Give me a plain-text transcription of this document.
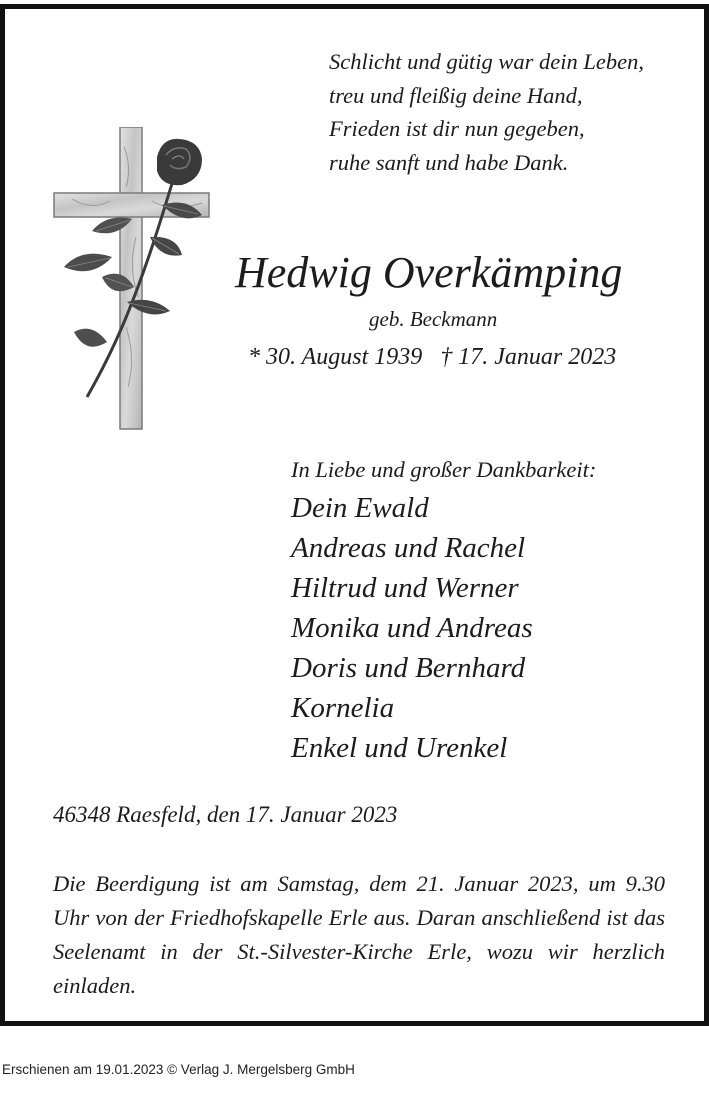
Schlicht und gütig war dein Leben,
treu und fleißig deine Hand,
Frieden ist dir nun gegeben,
ruhe sanft und habe Dank.
Hedwig Overkämping
geb. Beckmann
* 30. August 1939 † 17. Januar 2023
In Liebe und großer Dankbarkeit:
Dein Ewald
Andreas und Rachel
Hiltrud und Werner
Monika und Andreas
Doris und Bernhard
Kornelia
Enkel und Urenkel
46348 Raesfeld, den 17. Januar 2023
Die Beerdigung ist am Samstag, dem 21. Januar 2023, um 9.30 Uhr von der Friedhofskapelle Erle aus. Daran anschließend ist das Seelenamt in der St.-Silvester-Kirche Erle, wozu wir herzlich einladen.
Erschienen am 19.01.2023 © Verlag J. Mergelsberg GmbH
